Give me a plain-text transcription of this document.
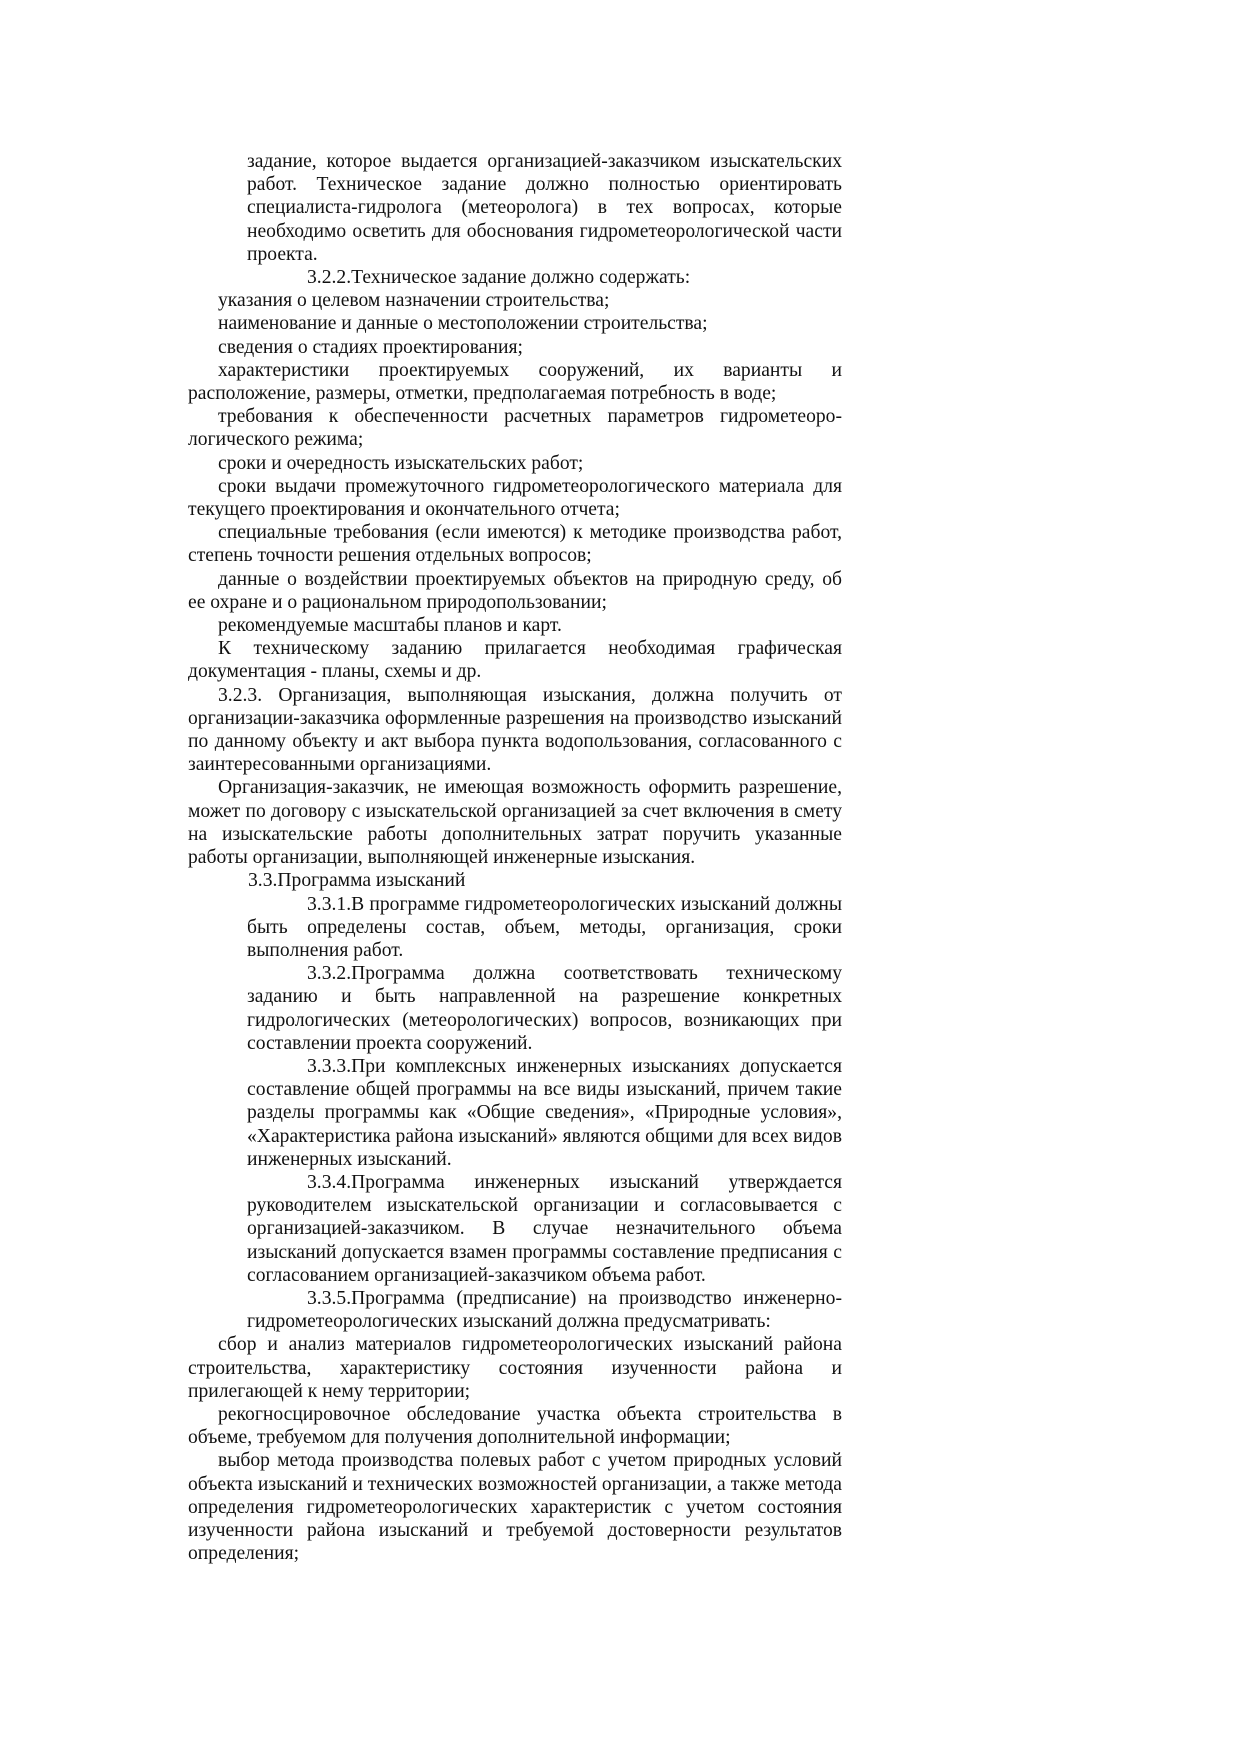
задание, которое выдается организацией-заказчиком изыскательских работ. Техническое задание должно полностью ориентировать специалиста-гидролога (метеоролога) в тех вопросах, которые необходимо осветить для обоснования гидрометеорологической части проекта.

3.2.2.Техническое задание должно содержать:

указания о целевом назначении строительства;

наименование и данные о местоположении строительства;

сведения о стадиях проектирования;

характеристики проектируемых сооружений, их варианты и расположение, размеры, отметки, предполагаемая потребность в воде;

требования к обеспеченности расчетных параметров гидрометеоро-логического режима;

сроки и очередность изыскательских работ;

сроки выдачи промежуточного гидрометеорологического материала для текущего проектирования и окончательного отчета;

специальные требования (если имеются) к методике производства работ, степень точности решения отдельных вопросов;

данные о воздействии проектируемых объектов на природную среду, об ее охране и о рациональном природопользовании;

рекомендуемые масштабы планов и карт.

К техническому заданию прилагается необходимая графическая документация - планы, схемы и др.

3.2.3. Организация, выполняющая изыскания, должна получить от организации-заказчика оформленные разрешения на производство изысканий по данному объекту и акт выбора пункта водопользования, согласованного с заинтересованными организациями.

Организация-заказчик, не имеющая возможность оформить разрешение, может по договору с изыскательской организацией за счет включения в смету на изыскательские работы дополнительных затрат поручить указанные работы организации, выполняющей инженерные изыскания.

3.3.Программа изысканий

3.3.1.В программе гидрометеорологических изысканий должны быть определены состав, объем, методы, организация, сроки выполнения работ.

3.3.2.Программа должна соответствовать техническому заданию и быть направленной на разрешение конкретных гидрологических (метеорологических) вопросов, возникающих при составлении проекта сооружений.

3.3.3.При комплексных инженерных изысканиях допускается составление общей программы на все виды изысканий, причем такие разделы программы как «Общие сведения», «Природные условия», «Характеристика района изысканий» являются общими для всех видов инженерных изысканий.

3.3.4.Программа инженерных изысканий утверждается руководителем изыскательской организации и согласовывается с организацией-заказчиком. В случае незначительного объема изысканий допускается взамен программы составление предписания с согласованием организацией-заказчиком объема работ.

3.3.5.Программа (предписание) на производство инженерно-гидрометеорологических изысканий должна предусматривать:

сбор и анализ материалов гидрометеорологических изысканий района строительства, характеристику состояния изученности района и прилегающей к нему территории;

рекогносцировочное обследование участка объекта строительства в объеме, требуемом для получения дополнительной информации;

выбор метода производства полевых работ с учетом природных условий объекта изысканий и технических возможностей организации, а также метода определения гидрометеорологических характеристик с учетом состояния изученности района изысканий и требуемой достоверности результатов определения;
